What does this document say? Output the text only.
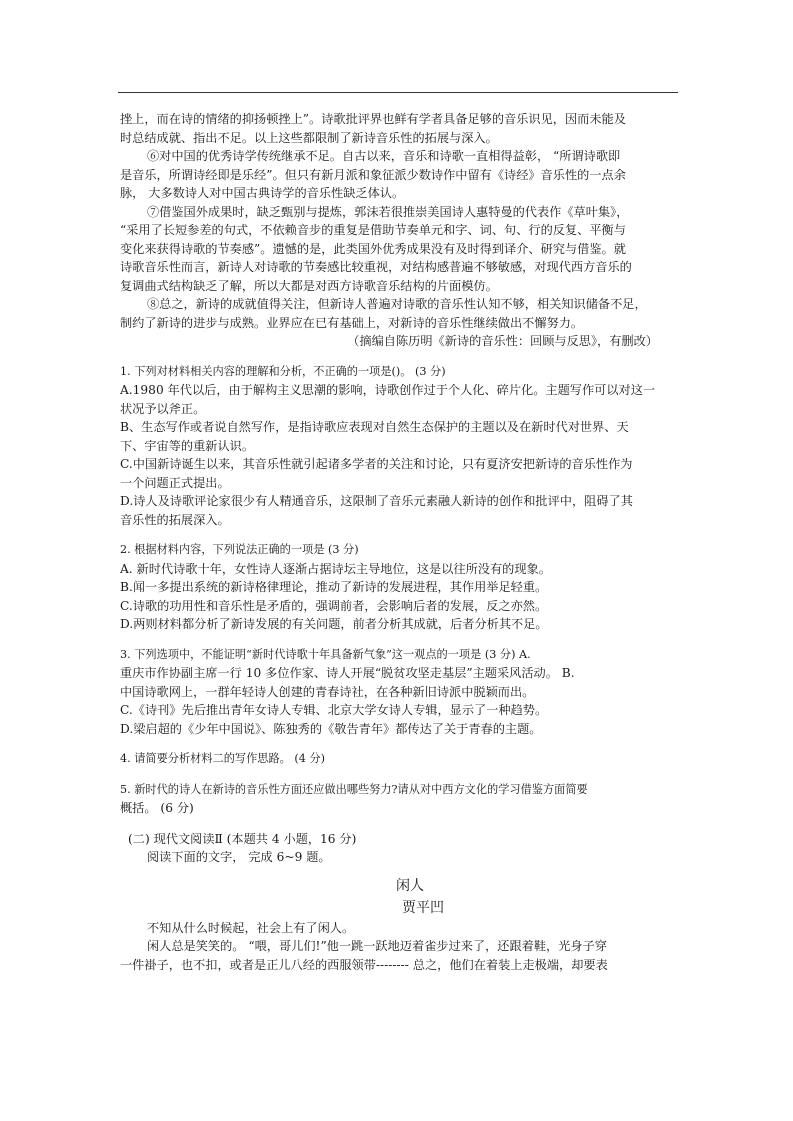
挫上，而在诗的情绪的抑扬顿挫上”。诗歌批评界也鲜有学者具备足够的音乐识见，因而未能及
时总结成就、指出不足。以上这些都限制了新诗音乐性的拓展与深入。
⑥对中国的优秀诗学传统继承不足。自古以来，音乐和诗歌一直相得益彰， “所谓诗歌即
是音乐，所谓诗经即是乐经”。但只有新月派和象征派少数诗作中留有《诗经》音乐性的一点余
脉， 大多数诗人对中国古典诗学的音乐性缺乏体认。
⑦借鉴国外成果时，缺乏甄别与提炼，郭沫若很推崇美国诗人惠特曼的代表作《草叶集》，
“采用了长短参差的句式，不依赖音步的重复是借助节奏单元和字、词、句、行的反复、平衡与
变化来获得诗歌的节奏感”。遗憾的是，此类国外优秀成果没有及时得到译介、研究与借鉴。就
诗歌音乐性而言，新诗人对诗歌的节奏感比较重视，对结构感普遍不够敏感，对现代西方音乐的
复调曲式结构缺乏了解，所以大都是对西方诗歌音乐结构的片面模仿。
⑧总之，新诗的成就值得关注，但新诗人普遍对诗歌的音乐性认知不够，相关知识储备不足，
制约了新诗的进步与成熟。业界应在已有基础上，对新诗的音乐性继续做出不懈努力。
（摘编自陈历明《新诗的音乐性：回顾与反思》，有删改）
1. 下列对材料相关内容的理解和分析，不正确的一项是()。 (3 分)
A.1980 年代以后，由于解构主义思潮的影响，诗歌创作过于个人化、碎片化。主题写作可以对这一
状况予以斧正。
B、生态写作或者说自然写作，是指诗歌应表现对自然生态保护的主题以及在新时代对世界、天
下、宇宙等的重新认识。
C.中国新诗诞生以来，其音乐性就引起诸多学者的关注和讨论，只有夏济安把新诗的音乐性作为
一个问题正式提出。
D.诗人及诗歌评论家很少有人精通音乐，这限制了音乐元素融人新诗的创作和批评中，阻碍了其
音乐性的拓展深入。
2. 根据材料内容，下列说法正确的一项是 (3 分)
A. 新时代诗歌十年，女性诗人逐渐占据诗坛主导地位，这是以往所没有的现象。
B.闻一多提出系统的新诗格律理论，推动了新诗的发展进程，其作用举足轻重。
C.诗歌的功用性和音乐性是矛盾的，强调前者，会影响后者的发展，反之亦然。
D.两则材料都分析了新诗发展的有关问题，前者分析其成就，后者分析其不足。
3. 下列选项中，不能证明“新时代诗歌十年具备新气象”这一观点的一项是 (3 分) A.
重庆市作协副主席一行 10 多位作家、诗人开展“脱贫攻坚走基层”主题采风活动。 B.
中国诗歌网上，一群年轻诗人创建的青春诗社，在各种新旧诗派中脱颖而出。
C.《诗刊》先后推出青年女诗人专辑、北京大学女诗人专辑，显示了一种趋势。
D.梁启超的《少年中国说》、陈独秀的《敬告青年》都传达了关于青春的主题。
4. 请简要分析材料二的写作思路。 (4 分)
5. 新时代的诗人在新诗的音乐性方面还应做出哪些努力?请从对中西方文化的学习借鉴方面简要
概括。 (6 分)
(二) 现代文阅读Ⅱ (本题共 4 小题，16 分)
阅读下面的文字， 完成 6~9 题。
闲人
贾平凹
不知从什么时候起，社会上有了闲人。
闲人总是笑笑的。 “喂，哥儿们!”他一跳一跃地迈着雀步过来了，还跟着鞋，光身子穿
一件褂子，也不扣，或者是正儿八经的西服领带-------- 总之，他们在着装上走极端，却要表
